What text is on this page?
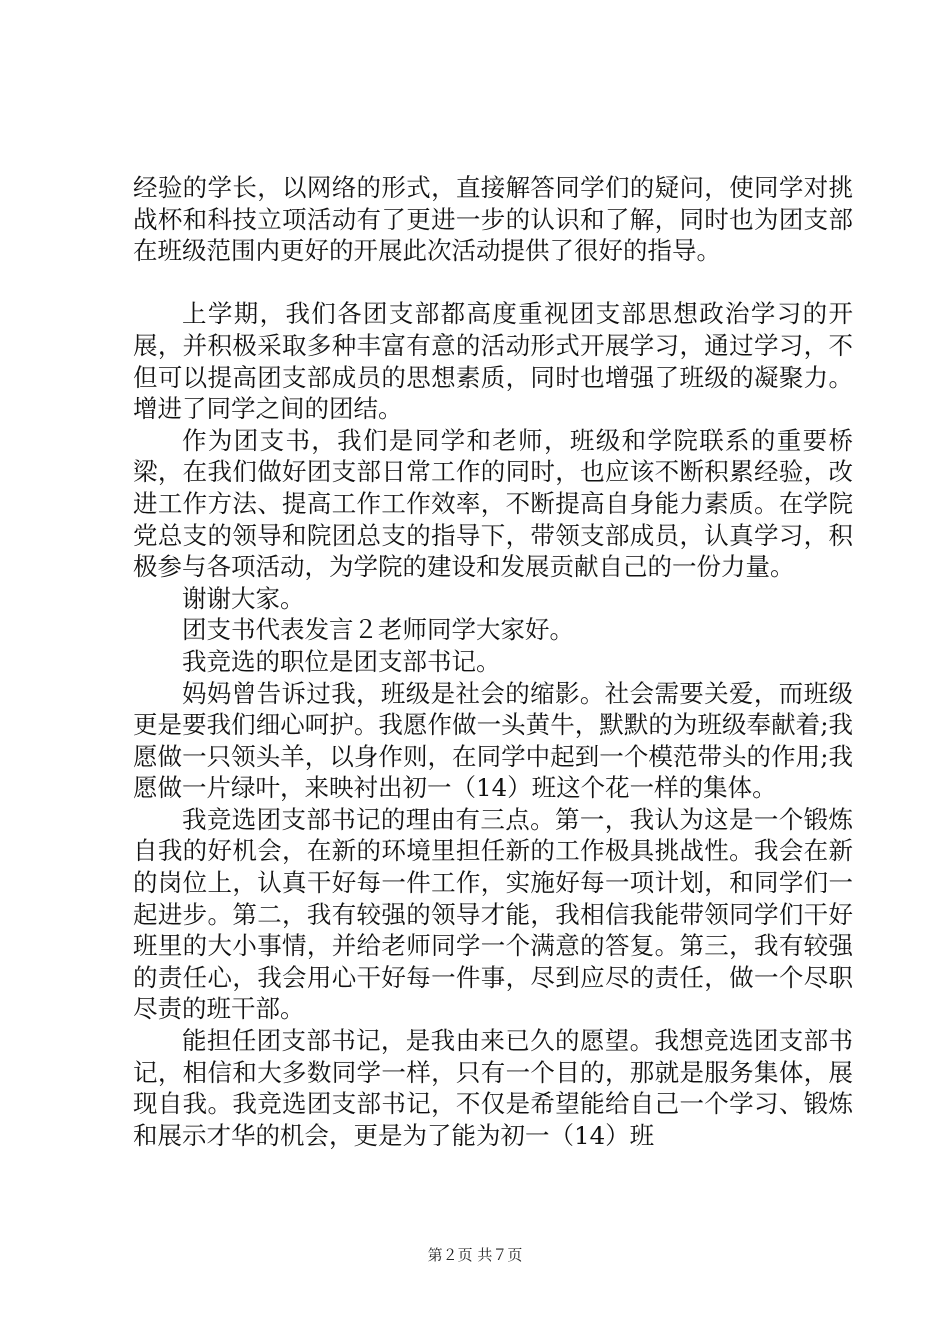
经验的学长，以网络的形式，直接解答同学们的疑问，使同学对挑战杯和科技立项活动有了更进一步的认识和了解，同时也为团支部在班级范围内更好的开展此次活动提供了很好的指导。

上学期，我们各团支部都高度重视团支部思想政治学习的开展，并积极采取多种丰富有意的活动形式开展学习，通过学习，不但可以提高团支部成员的思想素质，同时也增强了班级的凝聚力。增进了同学之间的团结。

作为团支书，我们是同学和老师，班级和学院联系的重要桥梁，在我们做好团支部日常工作的同时，也应该不断积累经验，改进工作方法、提高工作工作效率，不断提高自身能力素质。在学院党总支的领导和院团总支的指导下，带领支部成员，认真学习，积极参与各项活动，为学院的建设和发展贡献自己的一份力量。

谢谢大家。

团支书代表发言２老师同学大家好。

我竞选的职位是团支部书记。

妈妈曾告诉过我，班级是社会的缩影。社会需要关爱，而班级更是要我们细心呵护。我愿作做一头黄牛，默默的为班级奉献着;我愿做一只领头羊，以身作则，在同学中起到一个模范带头的作用;我愿做一片绿叶，来映衬出初一（14）班这个花一样的集体。

我竞选团支部书记的理由有三点。第一，我认为这是一个锻炼自我的好机会，在新的环境里担任新的工作极具挑战性。我会在新的岗位上，认真干好每一件工作，实施好每一项计划，和同学们一起进步。第二，我有较强的领导才能，我相信我能带领同学们干好班里的大小事情，并给老师同学一个满意的答复。第三，我有较强的责任心，我会用心干好每一件事，尽到应尽的责任，做一个尽职尽责的班干部。

能担任团支部书记，是我由来已久的愿望。我想竞选团支部书记，相信和大多数同学一样，只有一个目的，那就是服务集体，展现自我。我竞选团支部书记，不仅是希望能给自己一个学习、锻炼和展示才华的机会，更是为了能为初一（14）班

第２页 共７页
